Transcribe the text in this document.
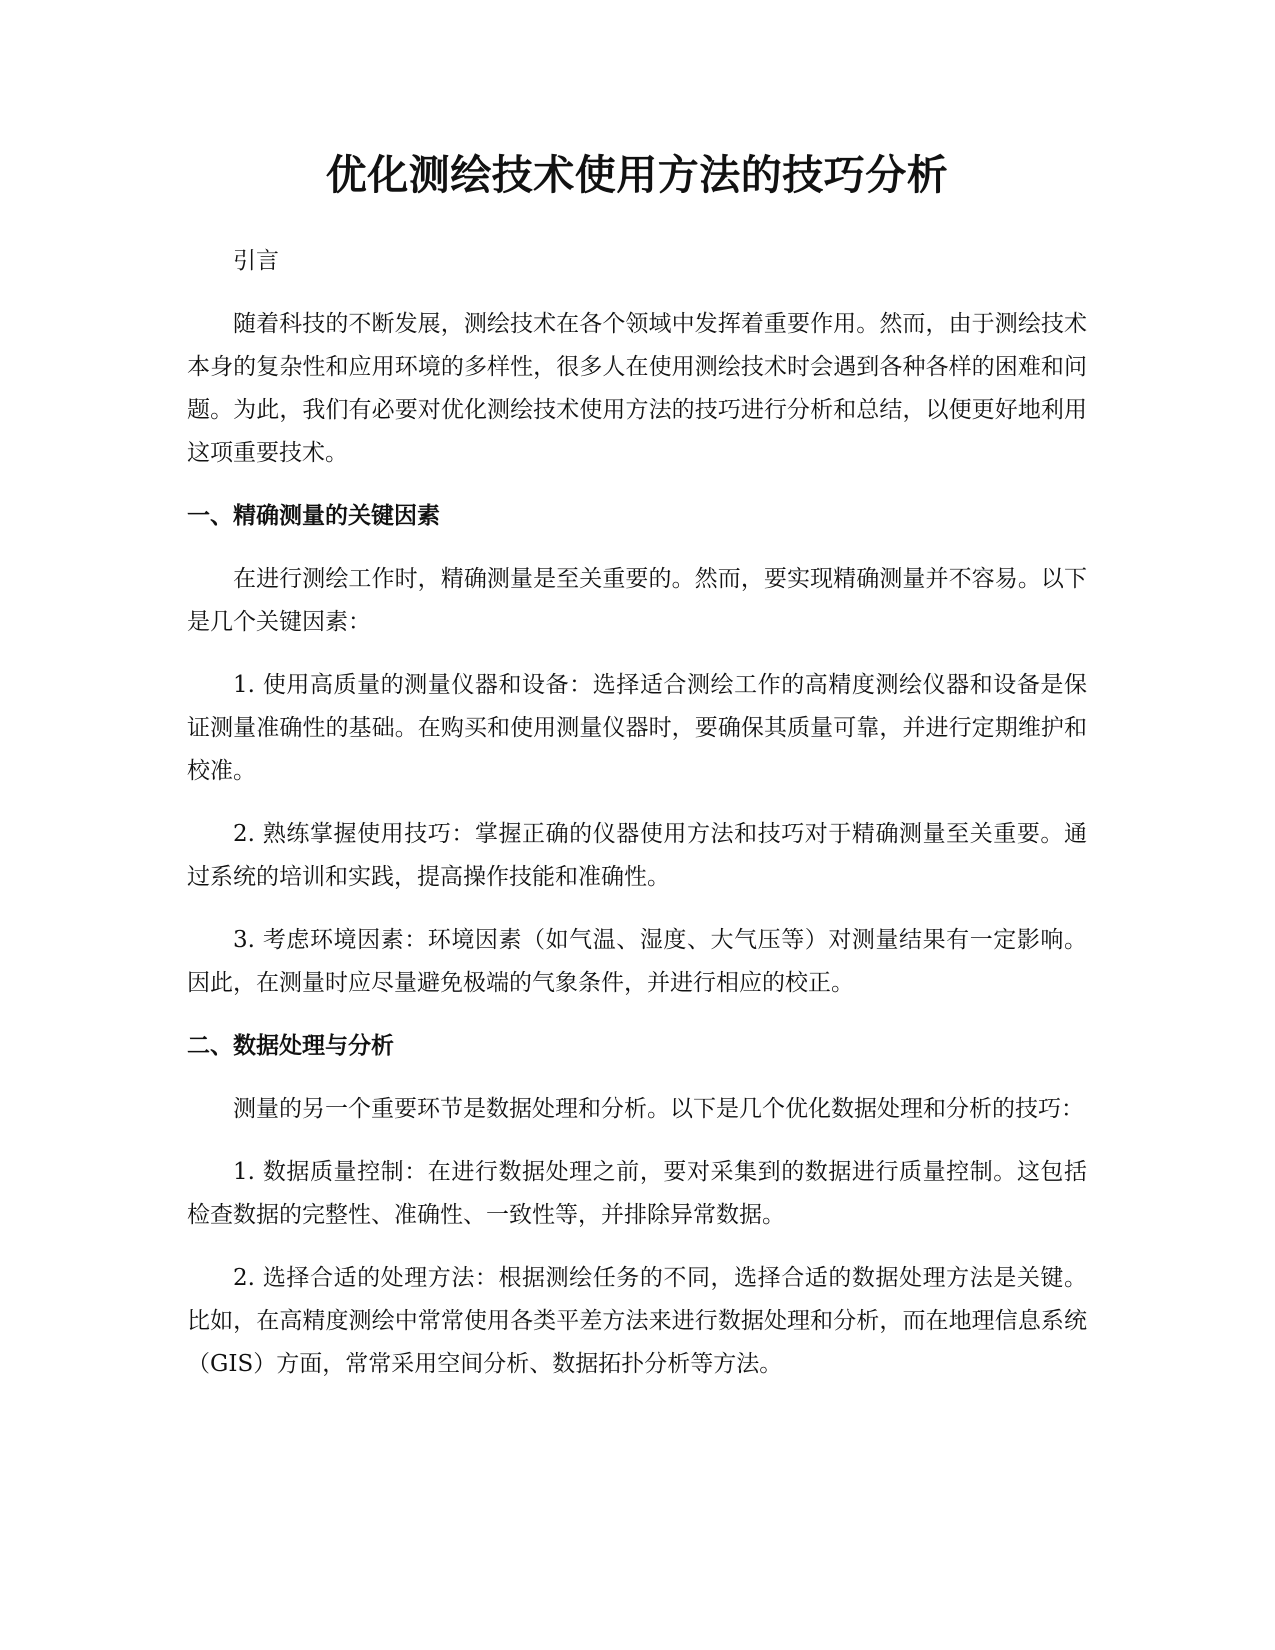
优化测绘技术使用方法的技巧分析

引言

随着科技的不断发展，测绘技术在各个领域中发挥着重要作用。然而，由于测绘技术本身的复杂性和应用环境的多样性，很多人在使用测绘技术时会遇到各种各样的困难和问题。为此，我们有必要对优化测绘技术使用方法的技巧进行分析和总结，以便更好地利用这项重要技术。

一、精确测量的关键因素

在进行测绘工作时，精确测量是至关重要的。然而，要实现精确测量并不容易。以下是几个关键因素：

1. 使用高质量的测量仪器和设备：选择适合测绘工作的高精度测绘仪器和设备是保证测量准确性的基础。在购买和使用测量仪器时，要确保其质量可靠，并进行定期维护和校准。

2. 熟练掌握使用技巧：掌握正确的仪器使用方法和技巧对于精确测量至关重要。通过系统的培训和实践，提高操作技能和准确性。

3. 考虑环境因素：环境因素（如气温、湿度、大气压等）对测量结果有一定影响。因此，在测量时应尽量避免极端的气象条件，并进行相应的校正。

二、数据处理与分析

测量的另一个重要环节是数据处理和分析。以下是几个优化数据处理和分析的技巧：

1. 数据质量控制：在进行数据处理之前，要对采集到的数据进行质量控制。这包括检查数据的完整性、准确性、一致性等，并排除异常数据。

2. 选择合适的处理方法：根据测绘任务的不同，选择合适的数据处理方法是关键。比如，在高精度测绘中常常使用各类平差方法来进行数据处理和分析，而在地理信息系统（GIS）方面，常常采用空间分析、数据拓扑分析等方法。
